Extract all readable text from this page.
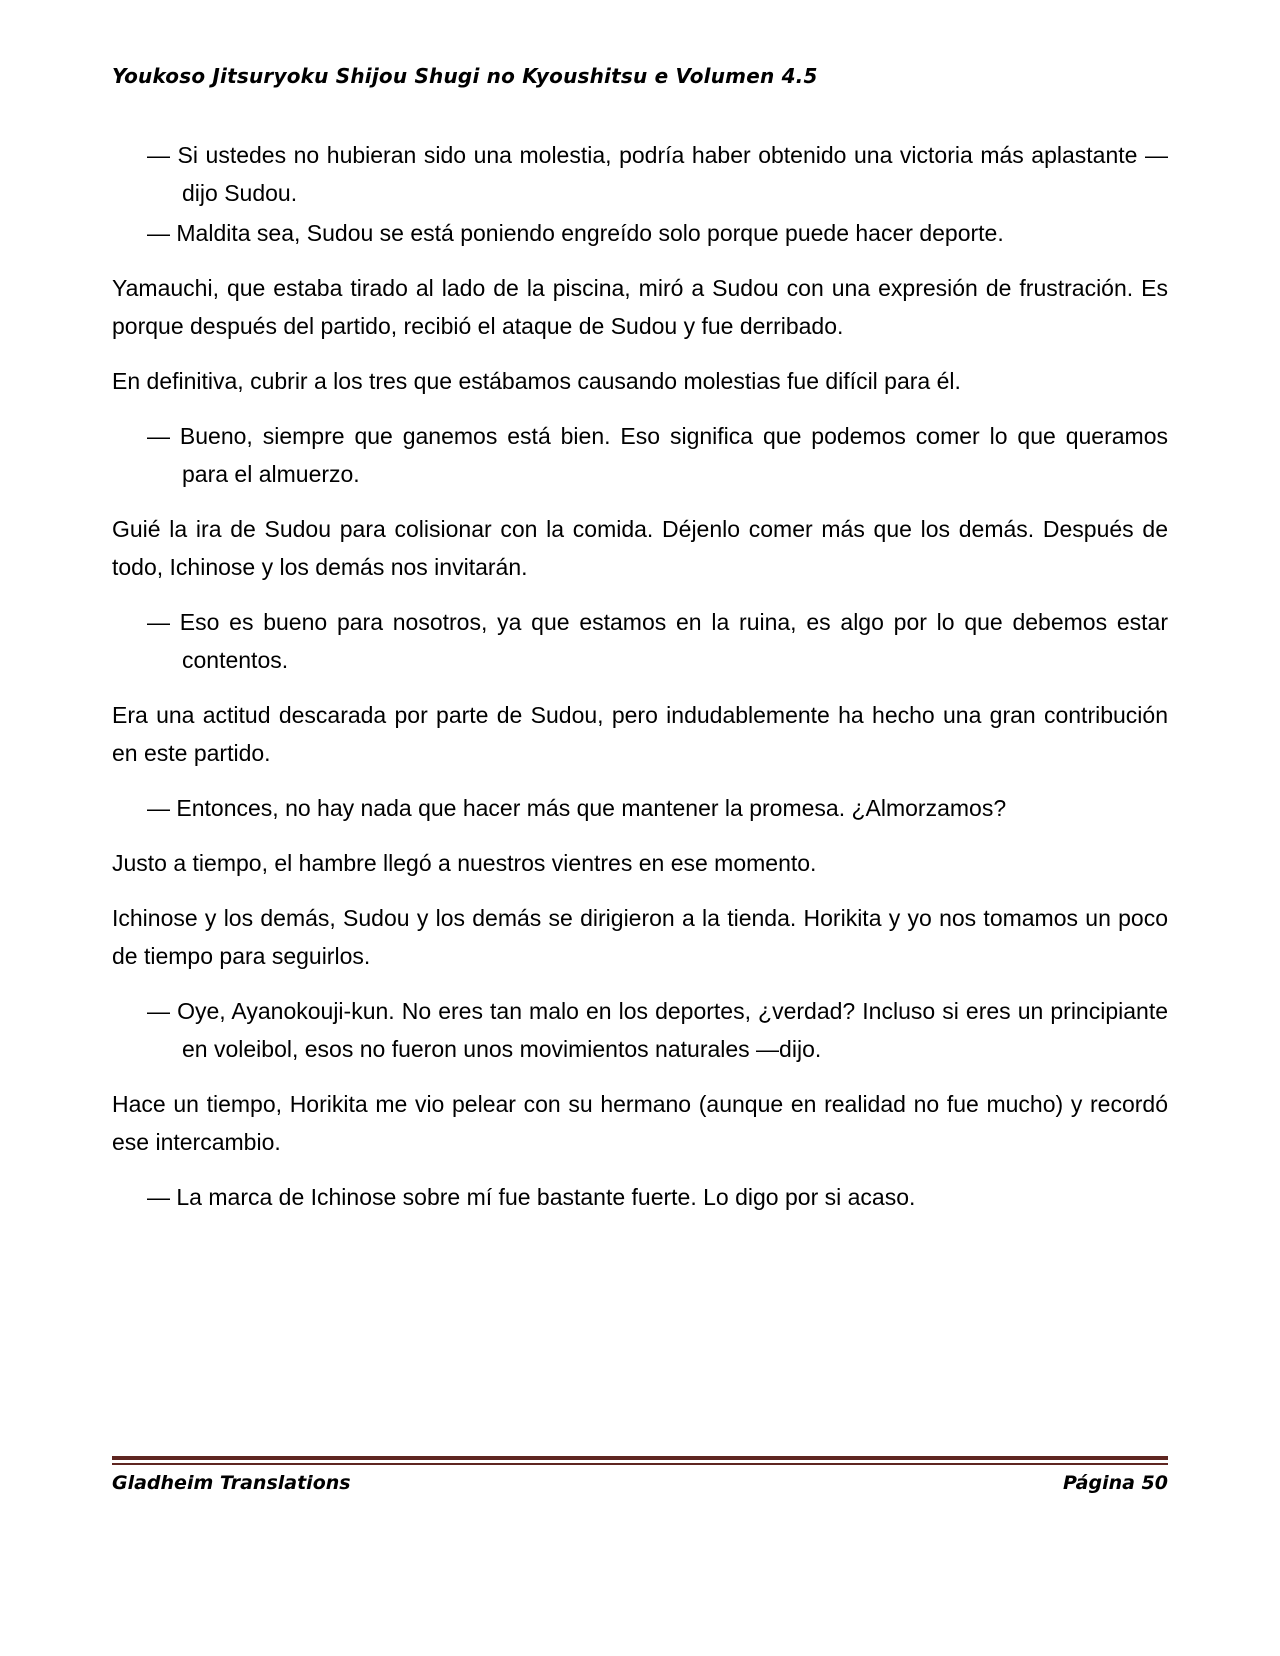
Youkoso Jitsuryoku Shijou Shugi no Kyoushitsu e Volumen 4.5

— Si ustedes no hubieran sido una molestia, podría haber obtenido una victoria más aplastante —dijo Sudou.

— Maldita sea, Sudou se está poniendo engreído solo porque puede hacer deporte.

Yamauchi, que estaba tirado al lado de la piscina, miró a Sudou con una expresión de frustración. Es porque después del partido, recibió el ataque de Sudou y fue derribado.

En definitiva, cubrir a los tres que estábamos causando molestias fue difícil para él.

— Bueno, siempre que ganemos está bien. Eso significa que podemos comer lo que queramos para el almuerzo.

Guié la ira de Sudou para colisionar con la comida. Déjenlo comer más que los demás. Después de todo, Ichinose y los demás nos invitarán.

— Eso es bueno para nosotros, ya que estamos en la ruina, es algo por lo que debemos estar contentos.

Era una actitud descarada por parte de Sudou, pero indudablemente ha hecho una gran contribución en este partido.

— Entonces, no hay nada que hacer más que mantener la promesa. ¿Almorzamos?

Justo a tiempo, el hambre llegó a nuestros vientres en ese momento.

Ichinose y los demás, Sudou y los demás se dirigieron a la tienda. Horikita y yo nos tomamos un poco de tiempo para seguirlos.

— Oye, Ayanokouji-kun. No eres tan malo en los deportes, ¿verdad? Incluso si eres un principiante en voleibol, esos no fueron unos movimientos naturales —dijo.

Hace un tiempo, Horikita me vio pelear con su hermano (aunque en realidad no fue mucho) y recordó ese intercambio.

— La marca de Ichinose sobre mí fue bastante fuerte. Lo digo por si acaso.

Gladheim Translations	Página 50
